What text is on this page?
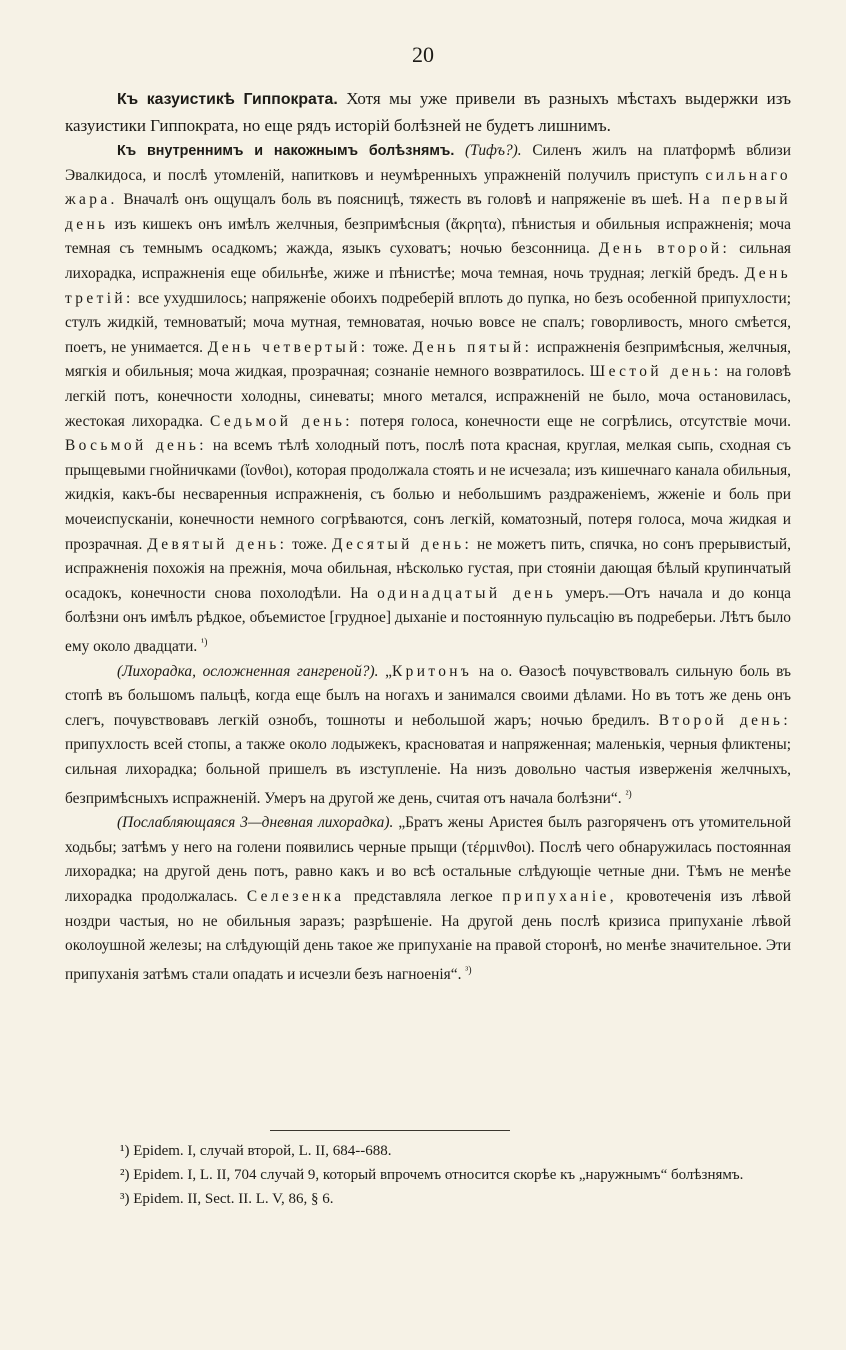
20

Къ казуистикѣ Гиппократа. Хотя мы уже привели въ разныхъ мѣстахъ выдержки изъ казуистики Гиппократа, но еще рядъ исторій болѣзней не будетъ лишнимъ.

Къ внутреннимъ и накожнымъ болѣзнямъ. (Тифъ?). Силенъ жилъ на платформѣ вблизи Эвалкидоса, и послѣ утомленій, напитковъ и неумѣренныхъ упражненій получилъ приступъ сильнаго жара. Вначалѣ онъ ощущалъ боль въ поясницѣ, тяжесть въ головѣ и напряженіе въ шеѣ. На первый день изъ кишекъ онъ имѣлъ желчныя, безпримѣсныя (ἄκρητα), пѣнистыя и обильныя испражненія; моча темная съ темнымъ осадкомъ; жажда, языкъ суховатъ; ночью безсонница. День второй: сильная лихорадка, испражненія еще обильнѣе, жиже и пѣнистѣе; моча темная, ночь трудная; легкій бредъ. День третій: все ухудшилось; напряженіе обоихъ подреберій вплоть до пупка, но безъ особенной припухлости; стулъ жидкій, темноватый; моча мутная, темноватая, ночью вовсе не спалъ; говорливость, много смѣется, поетъ, не унимается. День четвертый: тоже. День пятый: испражненія безпримѣсныя, желчныя, мягкія и обильныя; моча жидкая, прозрачная; сознаніе немного возвратилось. Шестой день: на головѣ легкій потъ, конечности холодны, синеваты; много метался, испражненій не было, моча остановилась, жестокая лихорадка. Седьмой день: потеря голоса, конечности еще не согрѣлись, отсутствіе мочи. Восьмой день: на всемъ тѣлѣ холодный потъ, послѣ пота красная, круглая, мелкая сыпь, сходная съ прыщевыми гнойничками (ἴονθοι), которая продолжала стоять и не исчезала; изъ кишечнаго канала обильныя, жидкія, какъ-бы несваренныя испражненія, съ болью и небольшимъ раздраженіемъ, жженіе и боль при мочеиспусканіи, конечности немного согрѣваются, сонъ легкій, коматозный, потеря голоса, моча жидкая и прозрачная. Девятый день: тоже. Десятый день: не можетъ пить, спячка, но сонъ прерывистый, испражненія похожія на прежнія, моча обильная, нѣсколько густая, при стояніи дающая бѣлый крупинчатый осадокъ, конечности снова похолодѣли. На одинадцатый день умеръ.—Отъ начала и до конца болѣзни онъ имѣлъ рѣдкое, объемистое [грудное] дыханіе и постоянную пульсацію въ подреберьи. Лѣтъ было ему около двадцати. $^{^1)}$

(Лихорадка, осложненная гангреной?). „Критонъ на о. Өазосѣ почувствовалъ сильную боль въ стопѣ въ большомъ пальцѣ, когда еще былъ на ногахъ и занимался своими дѣлами. Но въ тотъ же день онъ слегъ, почувствовавъ легкій ознобъ, тошноты и небольшой жаръ; ночью бредилъ. Второй день: припухлость всей стопы, а также около лодыжекъ, красноватая и напряженная; маленькія, черныя фликтены; сильная лихорадка; больной пришелъ въ изступленіе. На низъ довольно частыя изверженія желчныхъ, безпримѣсныхъ испражненій. Умеръ на другой же день, считая отъ начала болѣзни“. $^{^2)}$

(Послабляющаяся 3—дневная лихорадка). „Братъ жены Аристея былъ разгоряченъ отъ утомительной ходьбы; затѣмъ у него на голени появились черные прыщи (τέρμινθοι). Послѣ чего обнаружилась постоянная лихорадка; на другой день потъ, равно какъ и во всѣ остальные слѣдующіе четные дни. Тѣмъ не менѣе лихорадка продолжалась. Селезенка представляла легкое припуханіе, кровотеченія изъ лѣвой ноздри частыя, но не обильныя заразъ; разрѣшеніе. На другой день послѣ кризиса припуханіе лѣвой околоушной железы; на слѣдующій день такое же припуханіе на правой сторонѣ, но менѣе значительное. Эти припуханія затѣмъ стали опадать и исчезли безъ нагноенія“. $^{^3)}$

¹) Epidem. I, случай второй, L. II, 684--688.

²) Epidem. I, L. II, 704 случай 9, который впрочемъ относится скорѣе къ „наружнымъ“ болѣзнямъ.

³) Epidem. II, Sect. II. L. V, 86, § 6.
